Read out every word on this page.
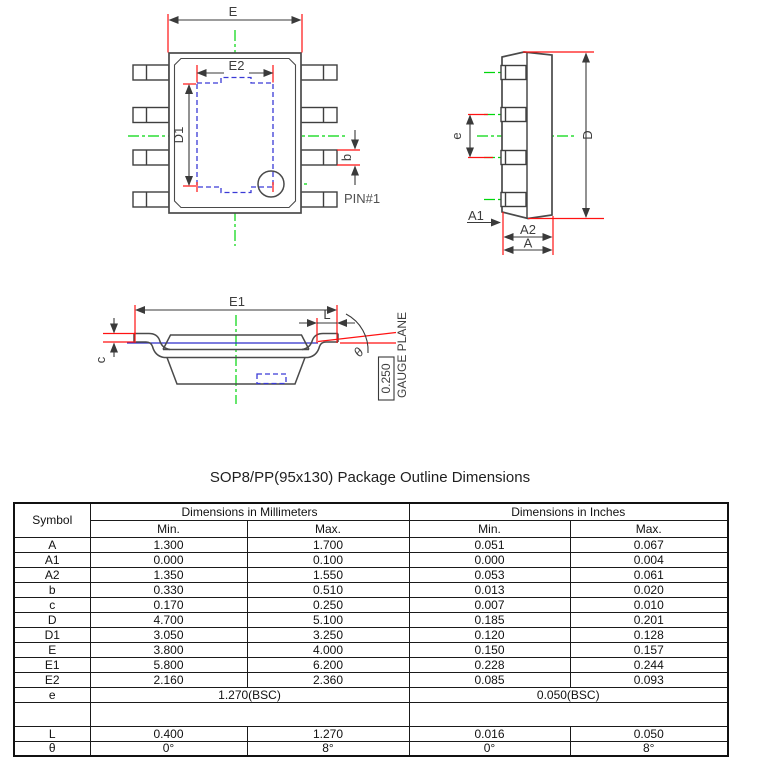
E
E2
D1
b
PIN#1
e	D
A1
A2
A
E1
L
c
θ
0.250 GAUGE PLANE
SOP8/PP(95x130) Package Outline Dimensions
Symbol	Dimensions in Millimeters		Dimensions in Inches	
	Min.	Max.	Min.	Max.
A	1.300	1.700	0.051	0.067
A1	0.000	0.100	0.000	0.004
A2	1.350	1.550	0.053	0.061
b	0.330	0.510	0.013	0.020
c	0.170	0.250	0.007	0.010
D	4.700	5.100	0.185	0.201
D1	3.050	3.250	0.120	0.128
E	3.800	4.000	0.150	0.157
E1	5.800	6.200	0.228	0.244
E2	2.160	2.360	0.085	0.093
e	1.270(BSC)		0.050(BSC)	

L	0.400	1.270	0.016	0.050
θ	0°	8°	0°	8°
